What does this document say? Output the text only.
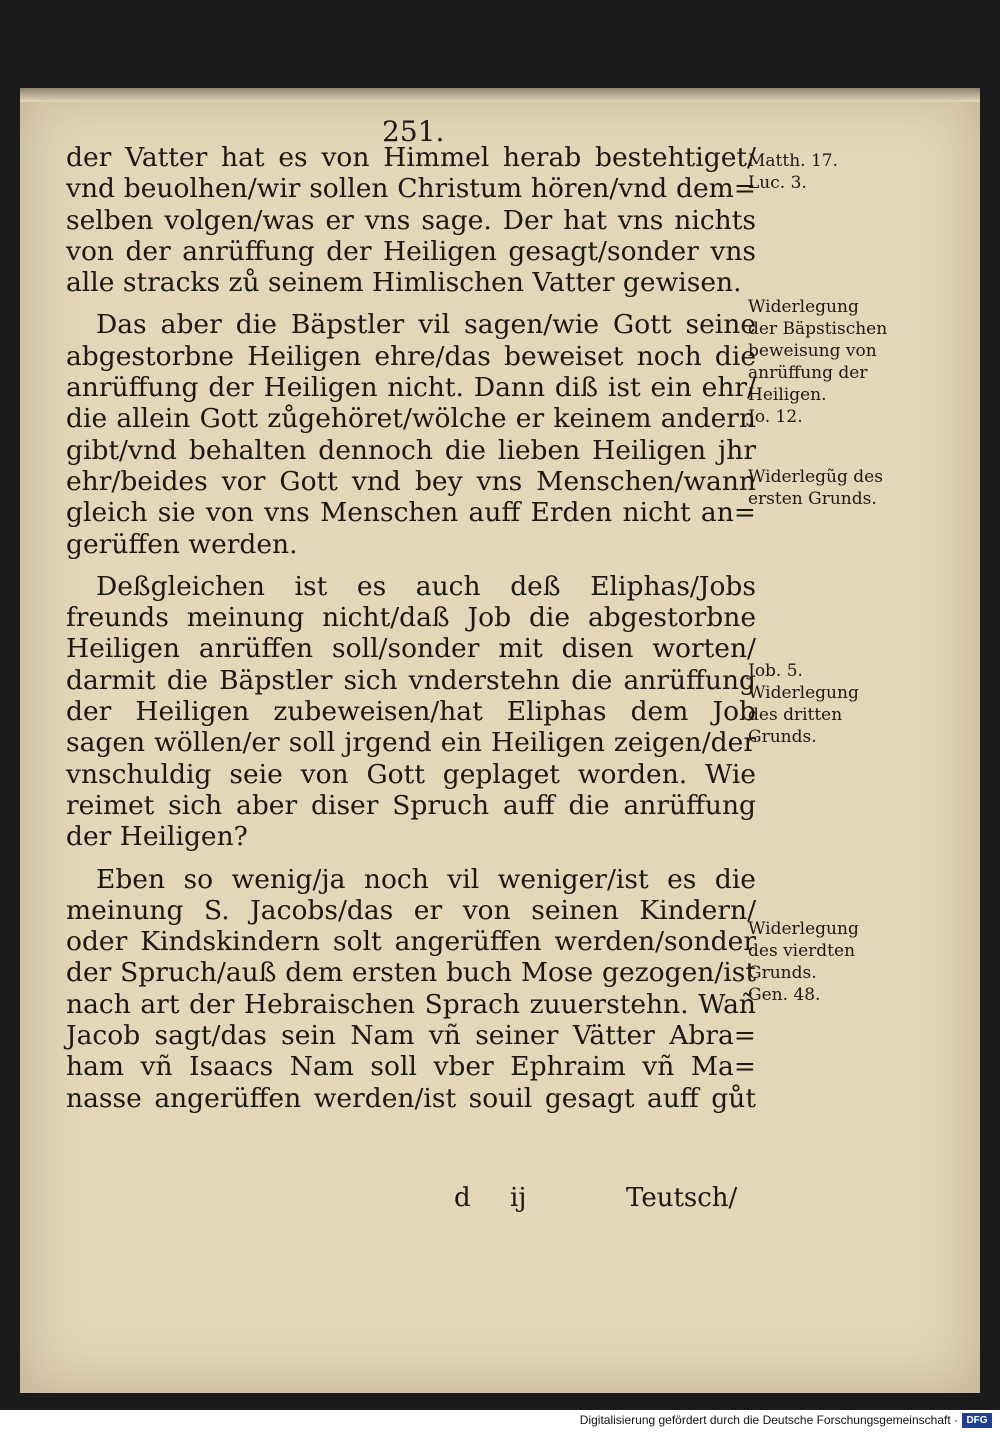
251.
der Vatter hat es von Himmel herab bestehtiget/
vnd beuolhen/wir sollen Christum hören/vnd dem=
selben volgen/was er vns sage. Der hat vns nichts
von der anrüffung der Heiligen gesagt/sonder vns
alle stracks zů seinem Himlischen Vatter gewisen.
Das aber die Bäpstler vil sagen/wie Gott seine
abgestorbne Heiligen ehre/das beweiset noch die
anrüffung der Heiligen nicht. Dann diß ist ein ehr/
die allein Gott zůgehöret/wölche er keinem andern
gibt/vnd behalten dennoch die lieben Heiligen jhr
ehr/beides vor Gott vnd bey vns Menschen/wann
gleich sie von vns Menschen auff Erden nicht an=
gerüffen werden.
Deßgleichen ist es auch deß Eliphas/Jobs
freunds meinung nicht/daß Job die abgestorbne
Heiligen anrüffen soll/sonder mit disen worten/
darmit die Bäpstler sich vnderstehn die anrüffung
der Heiligen zubeweisen/hat Eliphas dem Job
sagen wöllen/er soll jrgend ein Heiligen zeigen/der
vnschuldig seie von Gott geplaget worden. Wie
reimet sich aber diser Spruch auff die anrüffung
der Heiligen?
Eben so wenig/ja noch vil weniger/ist es die
meinung S. Jacobs/das er von seinen Kindern/
oder Kindskindern solt angerüffen werden/sonder
der Spruch/auß dem ersten buch Mose gezogen/ist
nach art der Hebraischen Sprach zuuerstehn. Wañ
Jacob sagt/das sein Nam vñ seiner Vätter Abra=
ham vñ Isaacs Nam soll vber Ephraim vñ Ma=
nasse angerüffen werden/ist souil gesagt auff gůt
Matth. 17.
Luc. 3.
Widerlegung
der Bäpstischen
beweisung von
anrüffung der
Heiligen.
Jo. 12.
Widerlegũg des
ersten Grunds.
Job. 5.
Widerlegung
des dritten
Grunds.
Widerlegung
des vierdten
Grunds.
Gen. 48.
d ij	Teutsch/
Digitalisierung gefördert durch die Deutsche Forschungsgemeinschaft · DFG
